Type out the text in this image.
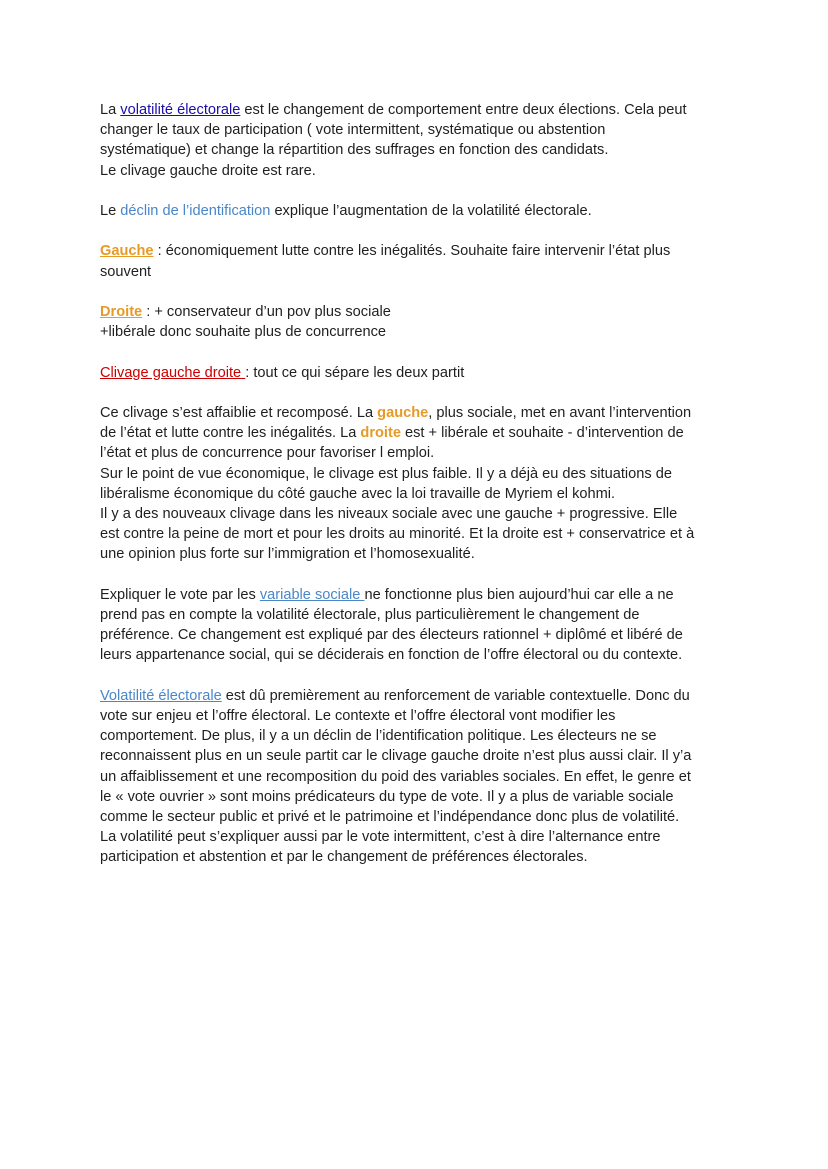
La volatilité électorale est le changement de comportement entre deux élections. Cela peut
changer le taux de participation ( vote intermittent, systématique ou abstention
systématique) et change la répartition des suffrages en fonction des candidats.
Le clivage gauche droite est rare.
Le déclin de l’identification explique l’augmentation de la volatilité électorale.
Gauche : économiquement lutte contre les inégalités. Souhaite faire intervenir l’état plus
souvent
Droite : + conservateur d’un pov plus sociale
+libérale donc souhaite plus de concurrence
Clivage gauche droite : tout ce qui sépare les deux partit
Ce clivage s’est affaiblie et recomposé. La gauche, plus sociale, met en avant l’intervention
de l’état et lutte contre les inégalités. La droite est + libérale et souhaite - d’intervention de
l’état et plus de concurrence pour favoriser l emploi.
Sur le point de vue économique, le clivage est plus faible. Il y a déjà eu des situations de
libéralisme économique du côté gauche avec la loi travaille de Myriem el kohmi.
Il y a des nouveaux clivage dans les niveaux sociale avec une gauche + progressive. Elle
est contre la peine de mort et pour les droits au minorité. Et la droite est + conservatrice et à
une opinion plus forte sur l’immigration et l’homosexualité.
Expliquer le vote par les variable sociale ne fonctionne plus bien aujourd’hui car elle a ne
prend pas en compte la volatilité électorale, plus particulièrement le changement de
préférence. Ce changement est expliqué par des électeurs rationnel + diplômé et libéré de
leurs appartenance social, qui se déciderais en fonction de l’offre électoral ou du contexte.
Volatilité électorale est dû premièrement au renforcement de variable contextuelle. Donc du
vote sur enjeu et l’offre électoral. Le contexte et l’offre électoral vont modifier les
comportement. De plus, il y a un déclin de l’identification politique. Les électeurs ne se
reconnaissent plus en un seule partit car le clivage gauche droite n’est plus aussi clair. Il y’a
un affaiblissement et une recomposition du poid des variables sociales. En effet, le genre et
le « vote ouvrier » sont moins prédicateurs du type de vote. Il y a plus de variable sociale
comme le secteur public et privé et le patrimoine et l’indépendance donc plus de volatilité.
La volatilité peut s’expliquer aussi par le vote intermittent, c’est à dire l’alternance entre
participation et abstention et par le changement de préférences électorales.
